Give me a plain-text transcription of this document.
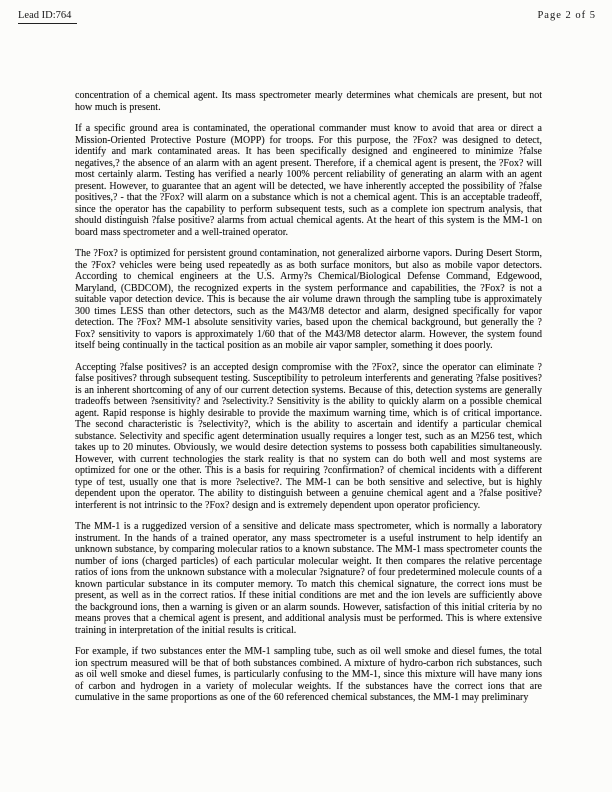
Lead ID:764	Page 2 of 5

concentration of a chemical agent. Its mass spectrometer mearly determines what chemicals are present, but not how much is present.

If a specific ground area is contaminated, the operational commander must know to avoid that area or direct a Mission-Oriented Protective Posture (MOPP) for troops. For this purpose, the ?Fox? was designed to detect, identify and mark contaminated areas. It has been specifically designed and engineered to minimize ?false negatives,? the absence of an alarm with an agent present. Therefore, if a chemical agent is present, the ?Fox? will most certainly alarm. Testing has verified a nearly 100% percent reliability of generating an alarm with an agent present. However, to guarantee that an agent will be detected, we have inherently accepted the possibility of ?false positives,? - that the ?Fox? will alarm on a substance which is not a chemical agent. This is an acceptable tradeoff, since the operator has the capability to perform subsequent tests, such as a complete ion spectrum analysis, that should distinguish ?false positive? alarms from actual chemical agents. At the heart of this system is the MM-1 on board mass spectrometer and a well-trained operator.

The ?Fox? is optimized for persistent ground contamination, not generalized airborne vapors. During Desert Storm, the ?Fox? vehicles were being used repeatedly as as both surface monitors, but also as mobile vapor detectors. According to chemical engineers at the U.S. Army?s Chemical/Biological Defense Command, Edgewood, Maryland, (CBDCOM), the recognized experts in the system performance and capabilities, the ?Fox? is not a suitable vapor detection device. This is because the air volume drawn through the sampling tube is approximately 300 times LESS than other detectors, such as the M43/M8 detector and alarm, designed specifically for vapor detection. The ?Fox? MM-1 absolute sensitivity varies, based upon the chemical background, but generally the ?Fox? sensitivity to vapors is approximately 1/60 that of the M43/M8 detector alarm. However, the system found itself being continually in the tactical position as an mobile air vapor sampler, something it does poorly.

Accepting ?false positives? is an accepted design compromise with the ?Fox?, since the operator can eliminate ?false positives? through subsequent testing. Susceptibility to petroleum interferents and generating ?false positives? is an inherent shortcoming of any of our current detection systems. Because of this, detection systems are generally tradeoffs between ?sensitivity? and ?selectivity.? Sensitivity is the ability to quickly alarm on a possible chemical agent. Rapid response is highly desirable to provide the maximum warning time, which is of critical importance. The second characteristic is ?selectivity?, which is the ability to ascertain and identify a particular chemical substance. Selectivity and specific agent determination usually requires a longer test, such as an M256 test, which takes up to 20 minutes. Obviously, we would desire detection systems to possess both capabilities simultaneously. However, with current technologies the stark reality is that no system can do both well and most systems are optimized for one or the other. This is a basis for requiring ?confirmation? of chemical incidents with a different type of test, usually one that is more ?selective?. The MM-1 can be both sensitive and selective, but is highly dependent upon the operator. The ability to distinguish between a genuine chemical agent and a ?false positive? interferent is not intrinsic to the ?Fox? design and is extremely dependent upon operator proficiency.

The MM-1 is a ruggedized version of a sensitive and delicate mass spectrometer, which is normally a laboratory instrument. In the hands of a trained operator, any mass spectrometer is a useful instrument to help identify an unknown substance, by comparing molecular ratios to a known substance. The MM-1 mass spectrometer counts the number of ions (charged particles) of each particular molecular weight. It then compares the relative percentage ratios of ions from the unknown substance with a molecular ?signature? of four predetermined molecule counts of a known particular substance in its computer memory. To match this chemical signature, the correct ions must be present, as well as in the correct ratios. If these initial conditions are met and the ion levels are sufficiently above the background ions, then a warning is given or an alarm sounds. However, satisfaction of this initial criteria by no means proves that a chemical agent is present, and additional analysis must be performed. This is where extensive training in interpretation of the initial results is critical.

For example, if two substances enter the MM-1 sampling tube, such as oil well smoke and diesel fumes, the total ion spectrum measured will be that of both substances combined. A mixture of hydro-carbon rich substances, such as oil well smoke and diesel fumes, is particularly confusing to the MM-1, since this mixture will have many ions of carbon and hydrogen in a variety of molecular weights. If the substances have the correct ions that are cumulative in the same proportions as one of the 60 referenced chemical substances, the MM-1 may preliminary
